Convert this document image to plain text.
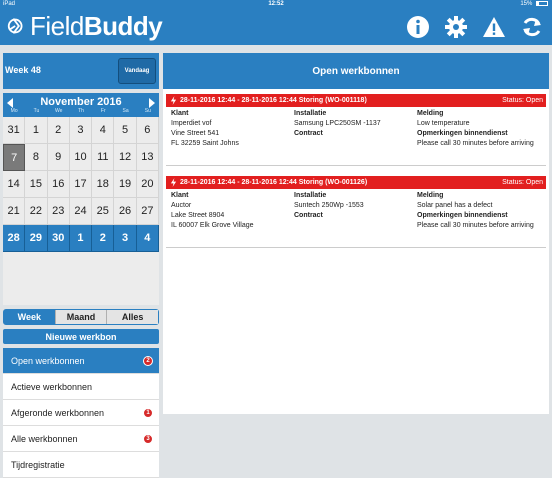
iPad	12:52	15%
FieldBuddy
Week 48	Vandaag
November 2016
Mo	Tu	We	Th	Fr	Sa	Su
31	1	2	3	4	5	6
7	8	9	10 11 12 13
14 15 16 17 18 19 20
21 22 23 24 25 26 27
28 29 30	1	2	3	4
Week	Maand	Alles
Nieuwe werkbon
Open werkbonnen	2
Actieve werkbonnen
Afgeronde werkbonnen	1
Alle werkbonnen	3
Tijdregistratie
Open werkbonnen
28-11-2016 12:44 - 28-11-2016 12:44 Storing (WO-001118)	Status: Open
Klant
Imperdiet vof
Vine Street 541
FL 32259 Saint Johns
Installatie
Samsung LPC250SM -1137
Contract
Melding
Low temperature
Opmerkingen binnendienst
Please call 30 minutes before arriving
28-11-2016 12:44 - 28-11-2016 12:44 Storing (WO-001126)	Status: Open
Klant
Auctor
Lake Street 8904
IL 60007 Elk Grove Village
Installatie
Suntech 250Wp -1553
Contract
Melding
Solar panel has a defect
Opmerkingen binnendienst
Please call 30 minutes before arriving
